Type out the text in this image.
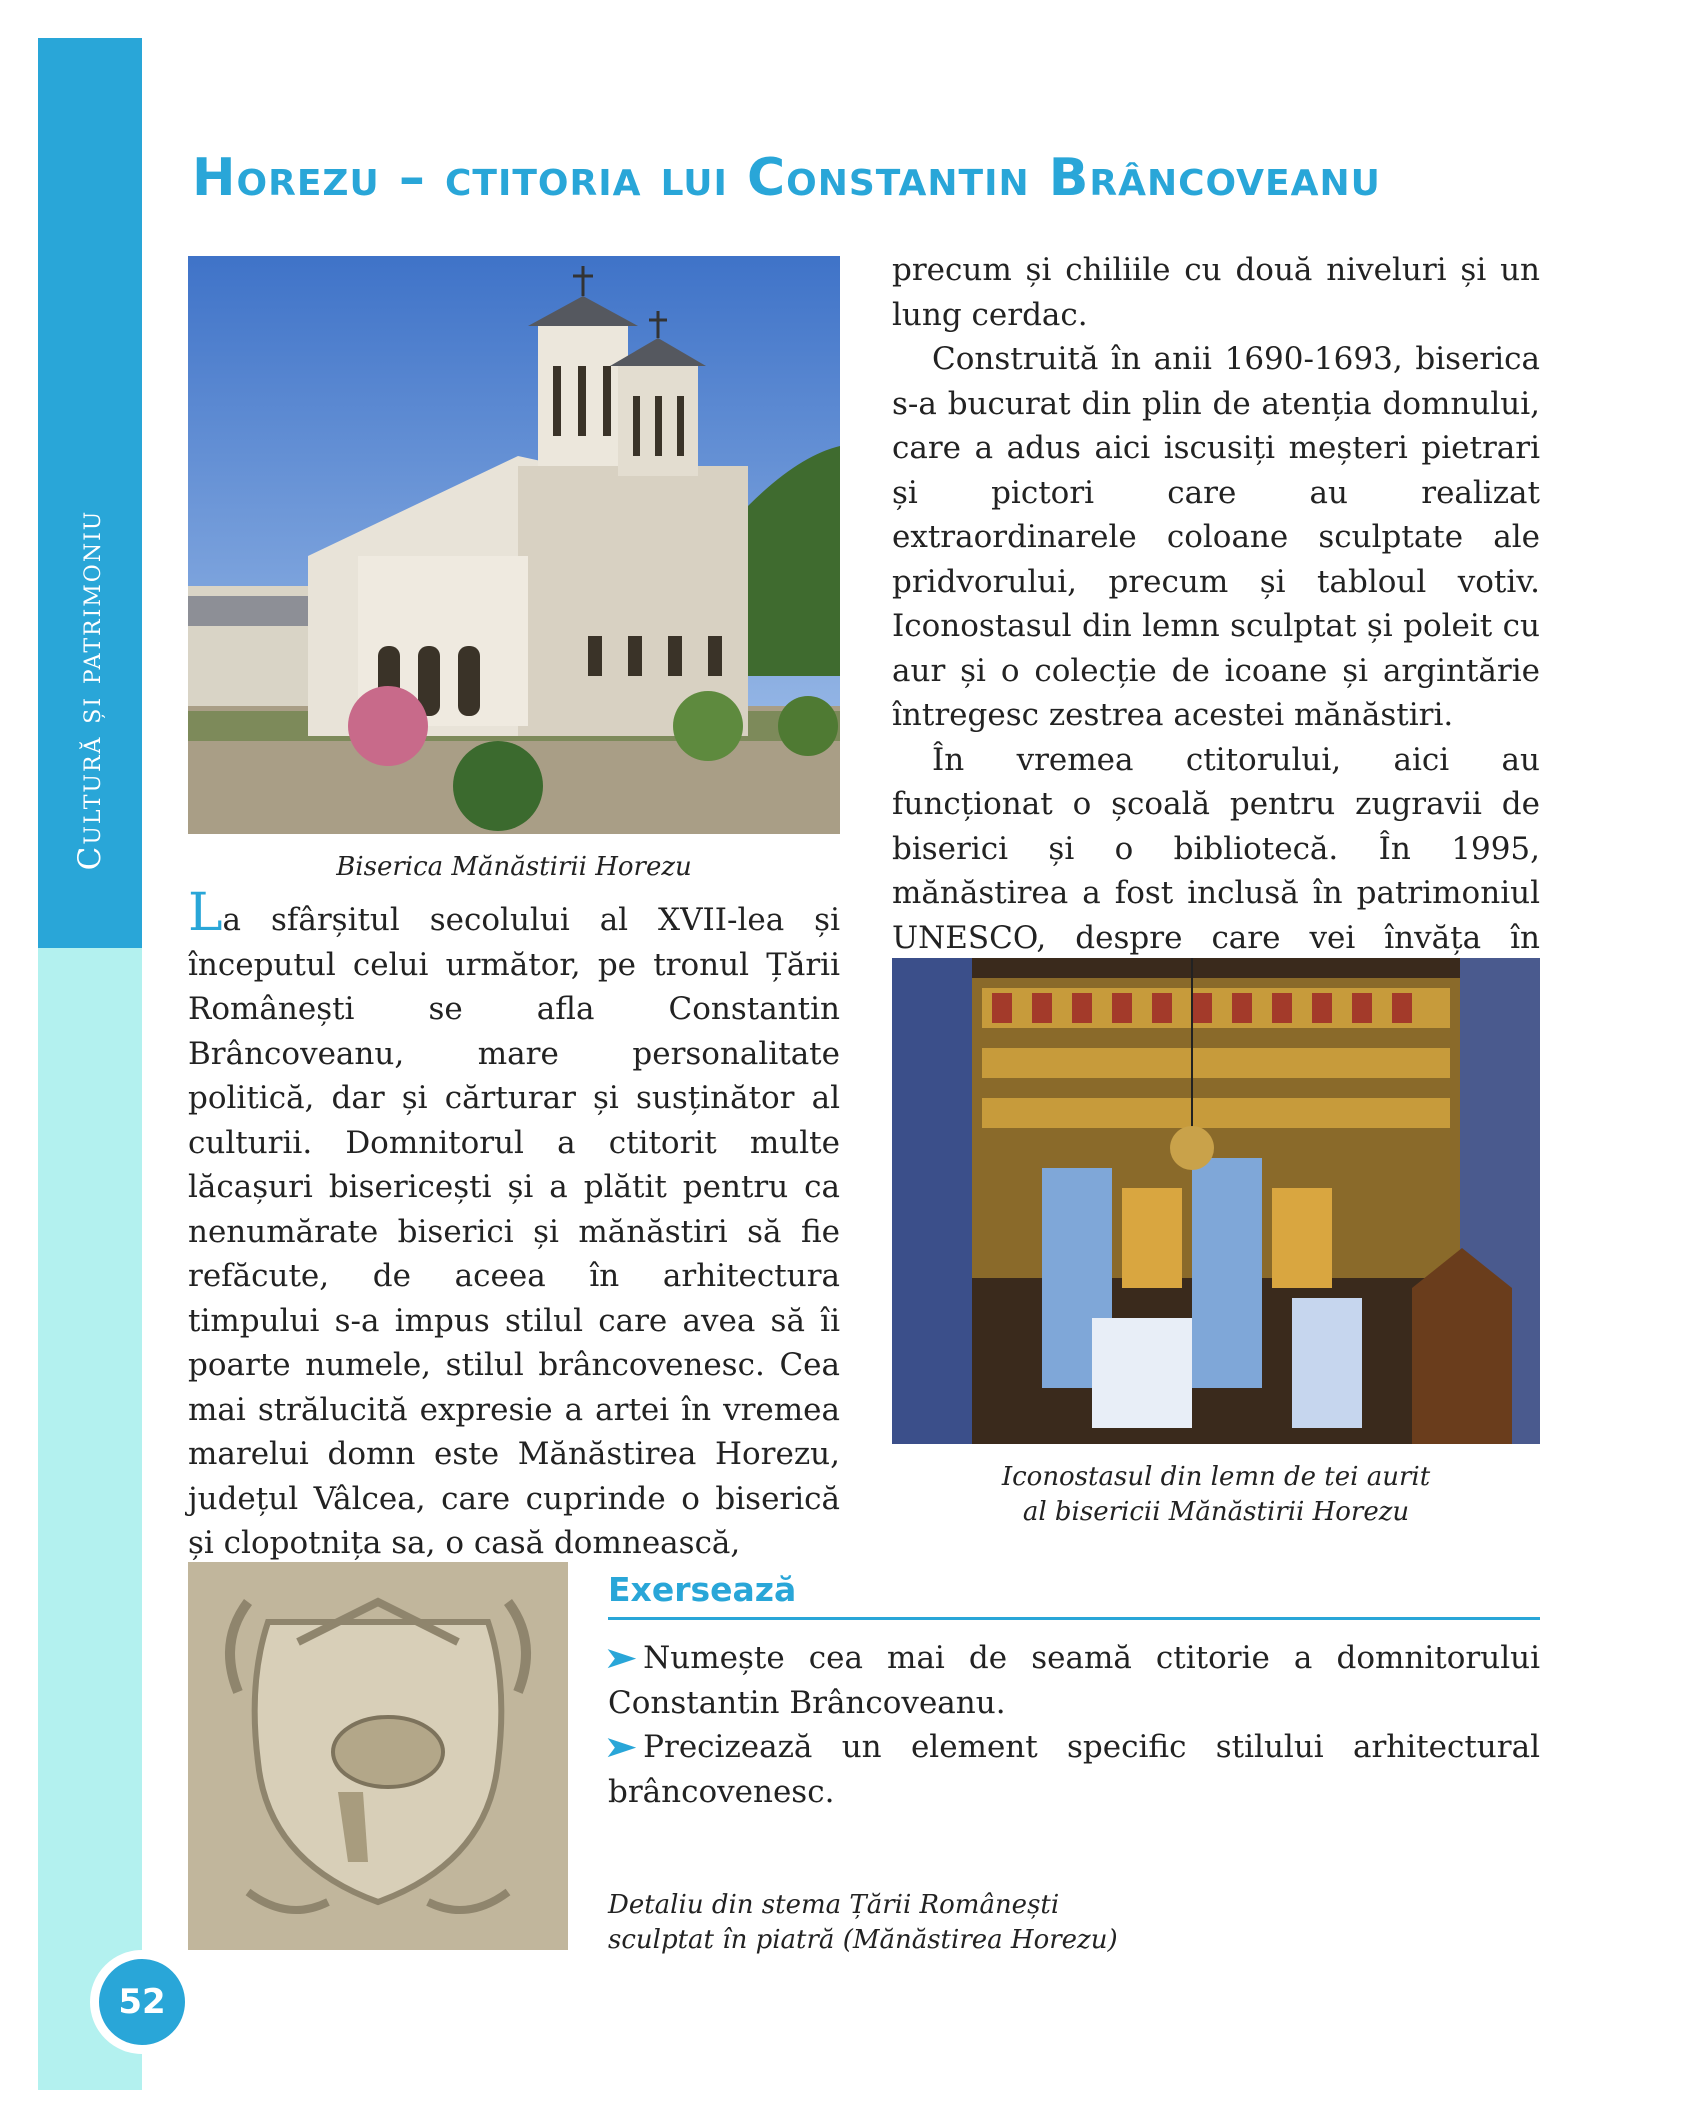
Cultură și patrimoniu
52
Horezu – ctitoria lui Constantin Brâncoveanu
Biserica Mănăstirii Horezu

La sfârșitul secolului al XVII-lea și începutul celui următor, pe tronul Țării Românești se afla Constantin Brâncoveanu, mare personalitate politică, dar și cărturar și susținător al culturii. Domnitorul a ctitorit multe lăcașuri bisericești și a plătit pentru ca nenumărate biserici și mănăstiri să fie refăcute, de aceea în arhitectura timpului s-a impus stilul care avea să îi poarte numele, stilul brâncovenesc. Cea mai strălucită expresie a artei în vremea marelui domn este Mănăstirea Horezu, județul Vâlcea, care cuprinde o biserică și clopotnița sa, o casă domnească,

precum și chiliile cu două niveluri și un lung cerdac.

Construită în anii 1690-1693, biserica s-a bucurat din plin de atenția domnului, care a adus aici iscusiți meșteri pietrari și pictori care au realizat extraordinarele coloane sculptate ale pridvorului, precum și tabloul votiv. Iconostasul din lemn sculptat și poleit cu aur și o colecție de icoane și argintărie întregesc zestrea acestei mănăstiri.

În vremea ctitorului, aici au funcționat o școală pentru zugravii de biserici și o bibliotecă. În 1995, mănăstirea a fost inclusă în patrimoniul UNESCO, despre care vei învăța în

Iconostasul din lemn de tei aurit
al bisericii Mănăstirii Horezu
Detaliu din stema Țării Românești
sculptat în piatră (Mănăstirea Horezu)
Exersează
➤ Numește cea mai de seamă ctitorie a domnitorului Constantin Brâncoveanu.
➤ Precizează un element specific stilului arhitectural brâncovenesc.
